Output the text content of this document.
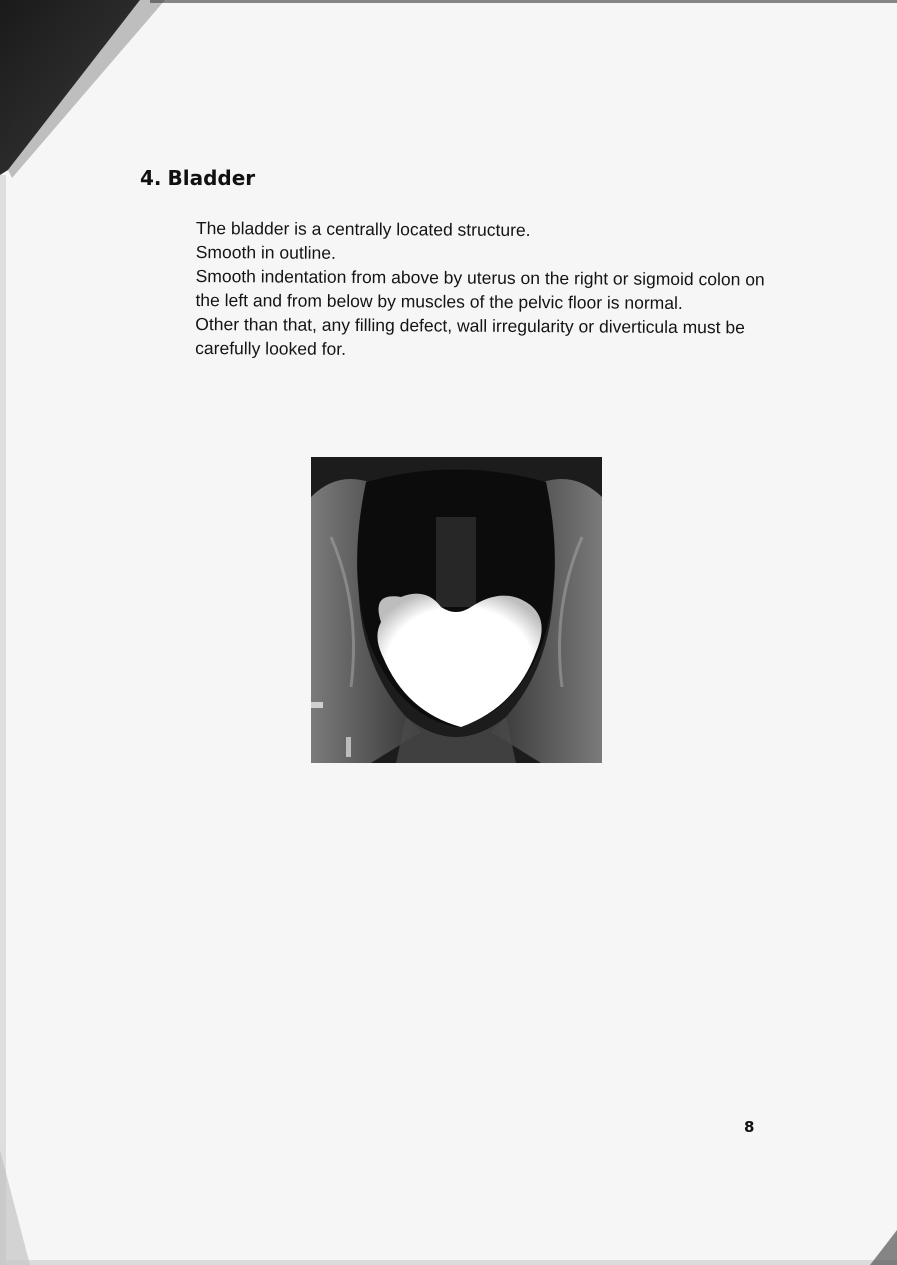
4. Bladder

The bladder is a centrally located structure.

Smooth in outline.

Smooth indentation from above by uterus on the right or sigmoid colon on the left and from below by muscles of the pelvic floor is normal.

Other than that, any filling defect, wall irregularity or diverticula must be carefully looked for.

8
